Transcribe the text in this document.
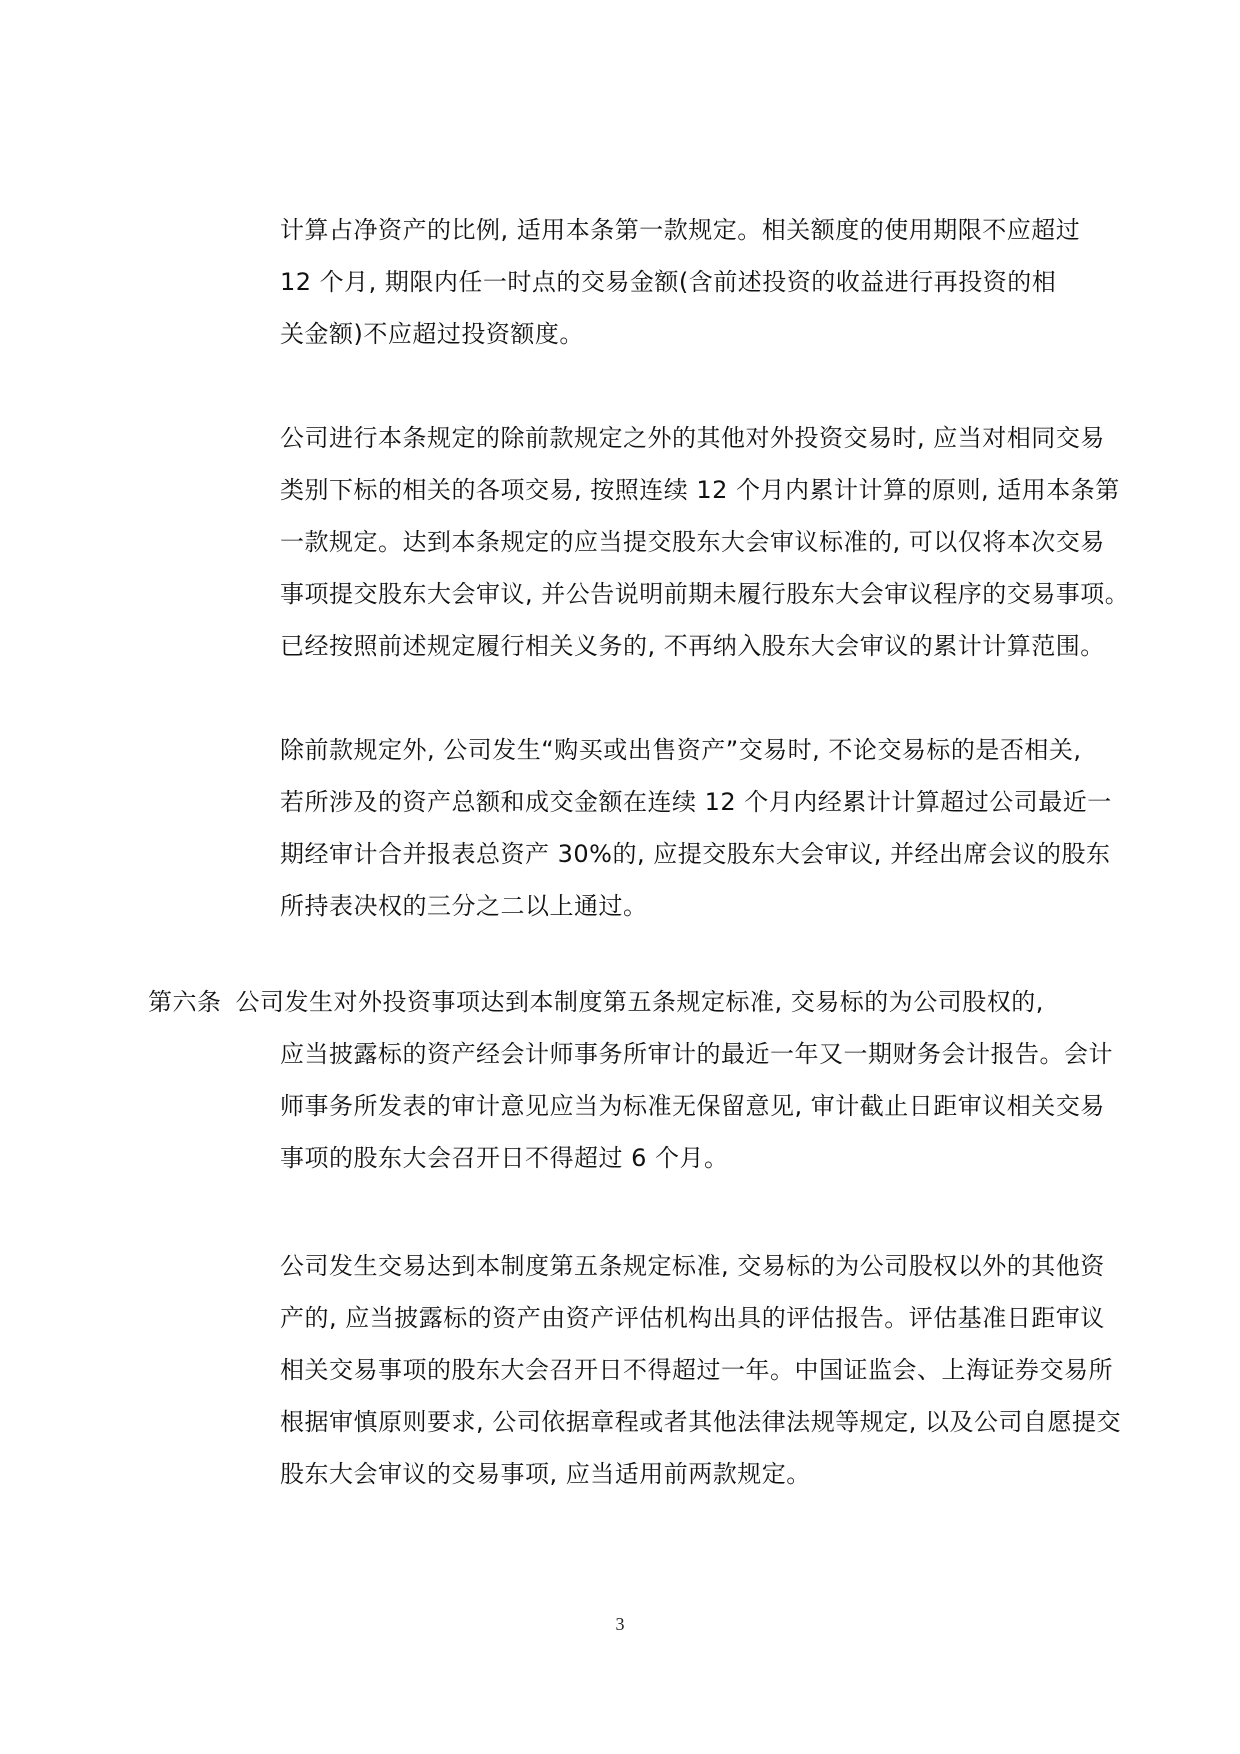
计算占净资产的比例, 适用本条第一款规定。相关额度的使用期限不应超过
12 个月, 期限内任一时点的交易金额(含前述投资的收益进行再投资的相
关金额)不应超过投资额度。
公司进行本条规定的除前款规定之外的其他对外投资交易时, 应当对相同交易
类别下标的相关的各项交易, 按照连续 12 个月内累计计算的原则, 适用本条第
一款规定。达到本条规定的应当提交股东大会审议标准的, 可以仅将本次交易
事项提交股东大会审议, 并公告说明前期未履行股东大会审议程序的交易事项。
已经按照前述规定履行相关义务的, 不再纳入股东大会审议的累计计算范围。
除前款规定外, 公司发生“购买或出售资产”交易时, 不论交易标的是否相关,
若所涉及的资产总额和成交金额在连续 12 个月内经累计计算超过公司最近一
期经审计合并报表总资产 30%的, 应提交股东大会审议, 并经出席会议的股东
所持表决权的三分之二以上通过。
第六条 公司发生对外投资事项达到本制度第五条规定标准, 交易标的为公司股权的,
应当披露标的资产经会计师事务所审计的最近一年又一期财务会计报告。会计
师事务所发表的审计意见应当为标准无保留意见, 审计截止日距审议相关交易
事项的股东大会召开日不得超过 6 个月。
公司发生交易达到本制度第五条规定标准, 交易标的为公司股权以外的其他资
产的, 应当披露标的资产由资产评估机构出具的评估报告。评估基准日距审议
相关交易事项的股东大会召开日不得超过一年。中国证监会、上海证券交易所
根据审慎原则要求, 公司依据章程或者其他法律法规等规定, 以及公司自愿提交
股东大会审议的交易事项, 应当适用前两款规定。
3
